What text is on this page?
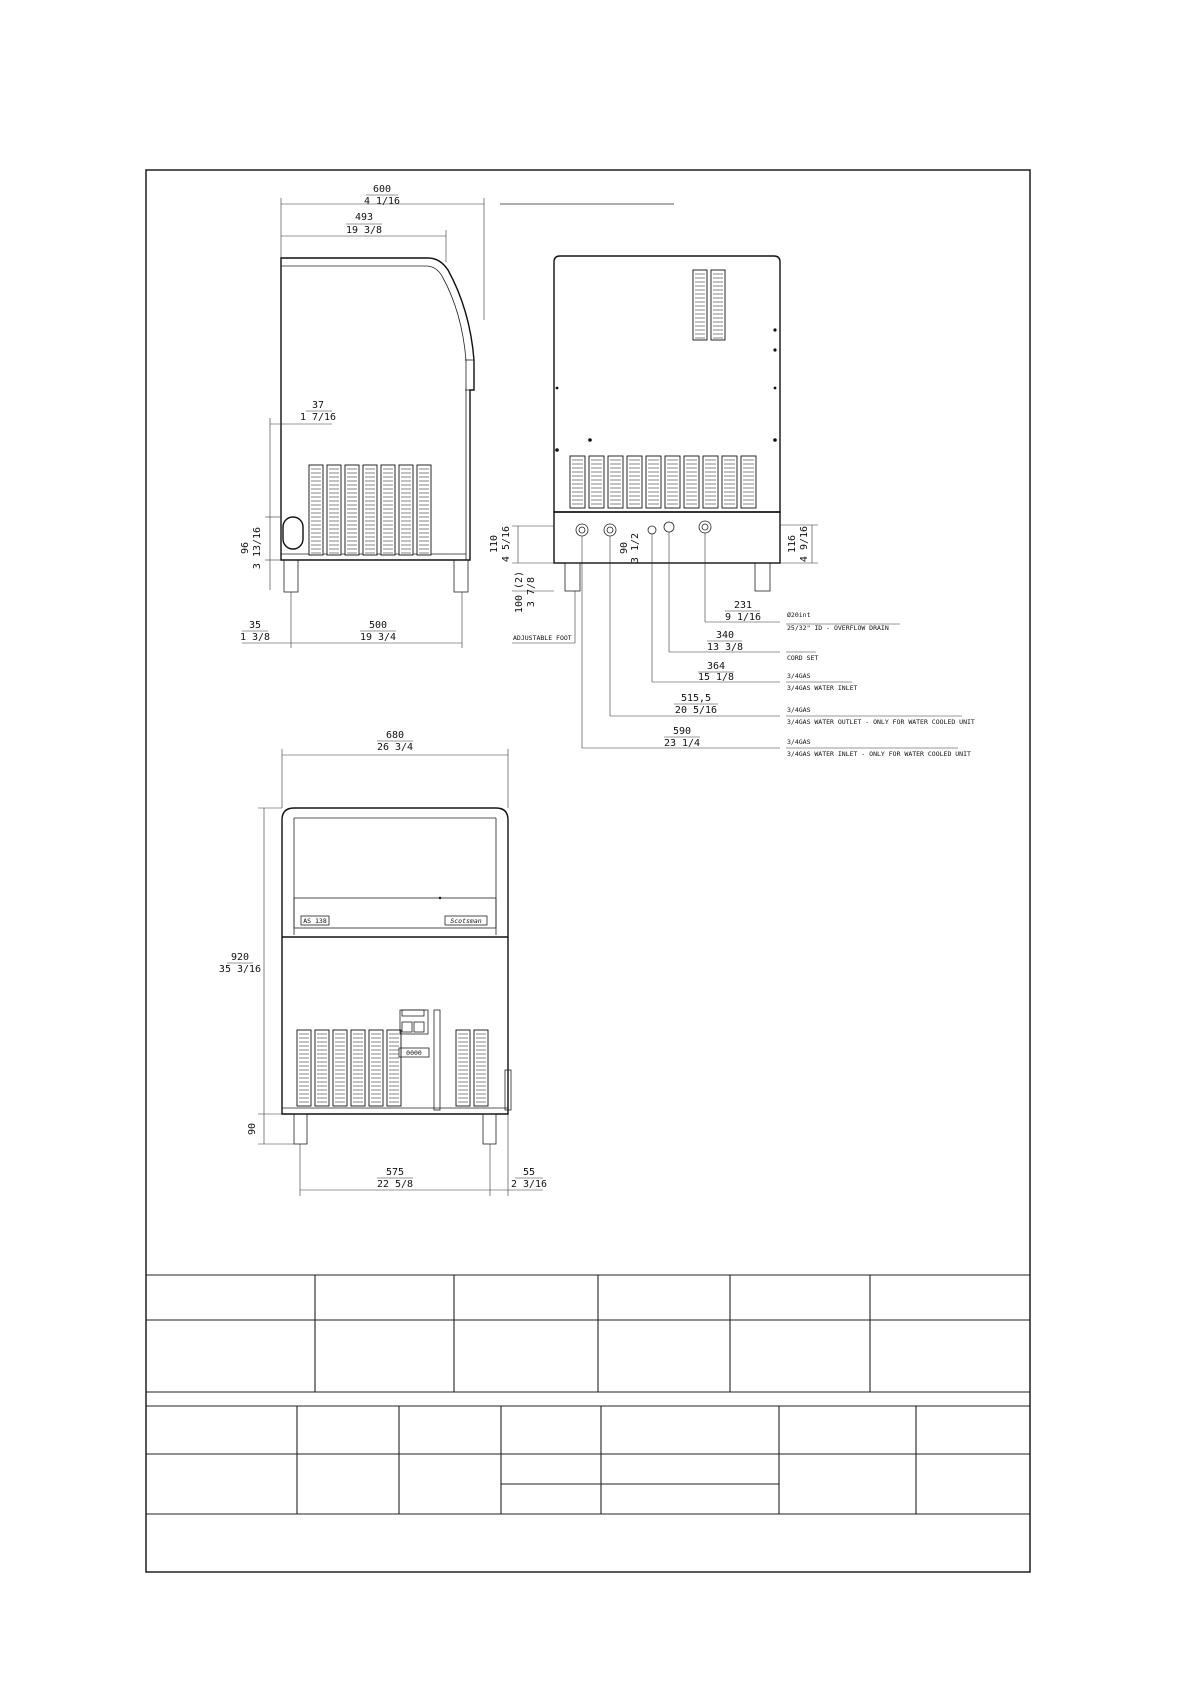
600
4 1/16
493
19 3/8
37
1 7/16
96 3 13/16
35
1 3/8
500
19 3/4
110 4 5/16
100 (2) 3 7/8
90 3 1/2	116 4 9/16
ADJUSTABLE FOOT
231
9 1/16
340
13 3/8
364
15 1/8
515,5
20 5/16
590
23 1/4
Ø20int
25/32" ID - OVERFLOW DRAIN
CORD SET
3/4GAS
3/4GAS WATER INLET
3/4GAS
3/4GAS WATER OUTLET - ONLY FOR WATER COOLED UNIT
3/4GAS
3/4GAS WATER INLET - ONLY FOR WATER COOLED UNIT
680
26 3/4
AS 138	Scotsman
0000
920
35 3/16
90
575
22 5/8
55
2 3/16
